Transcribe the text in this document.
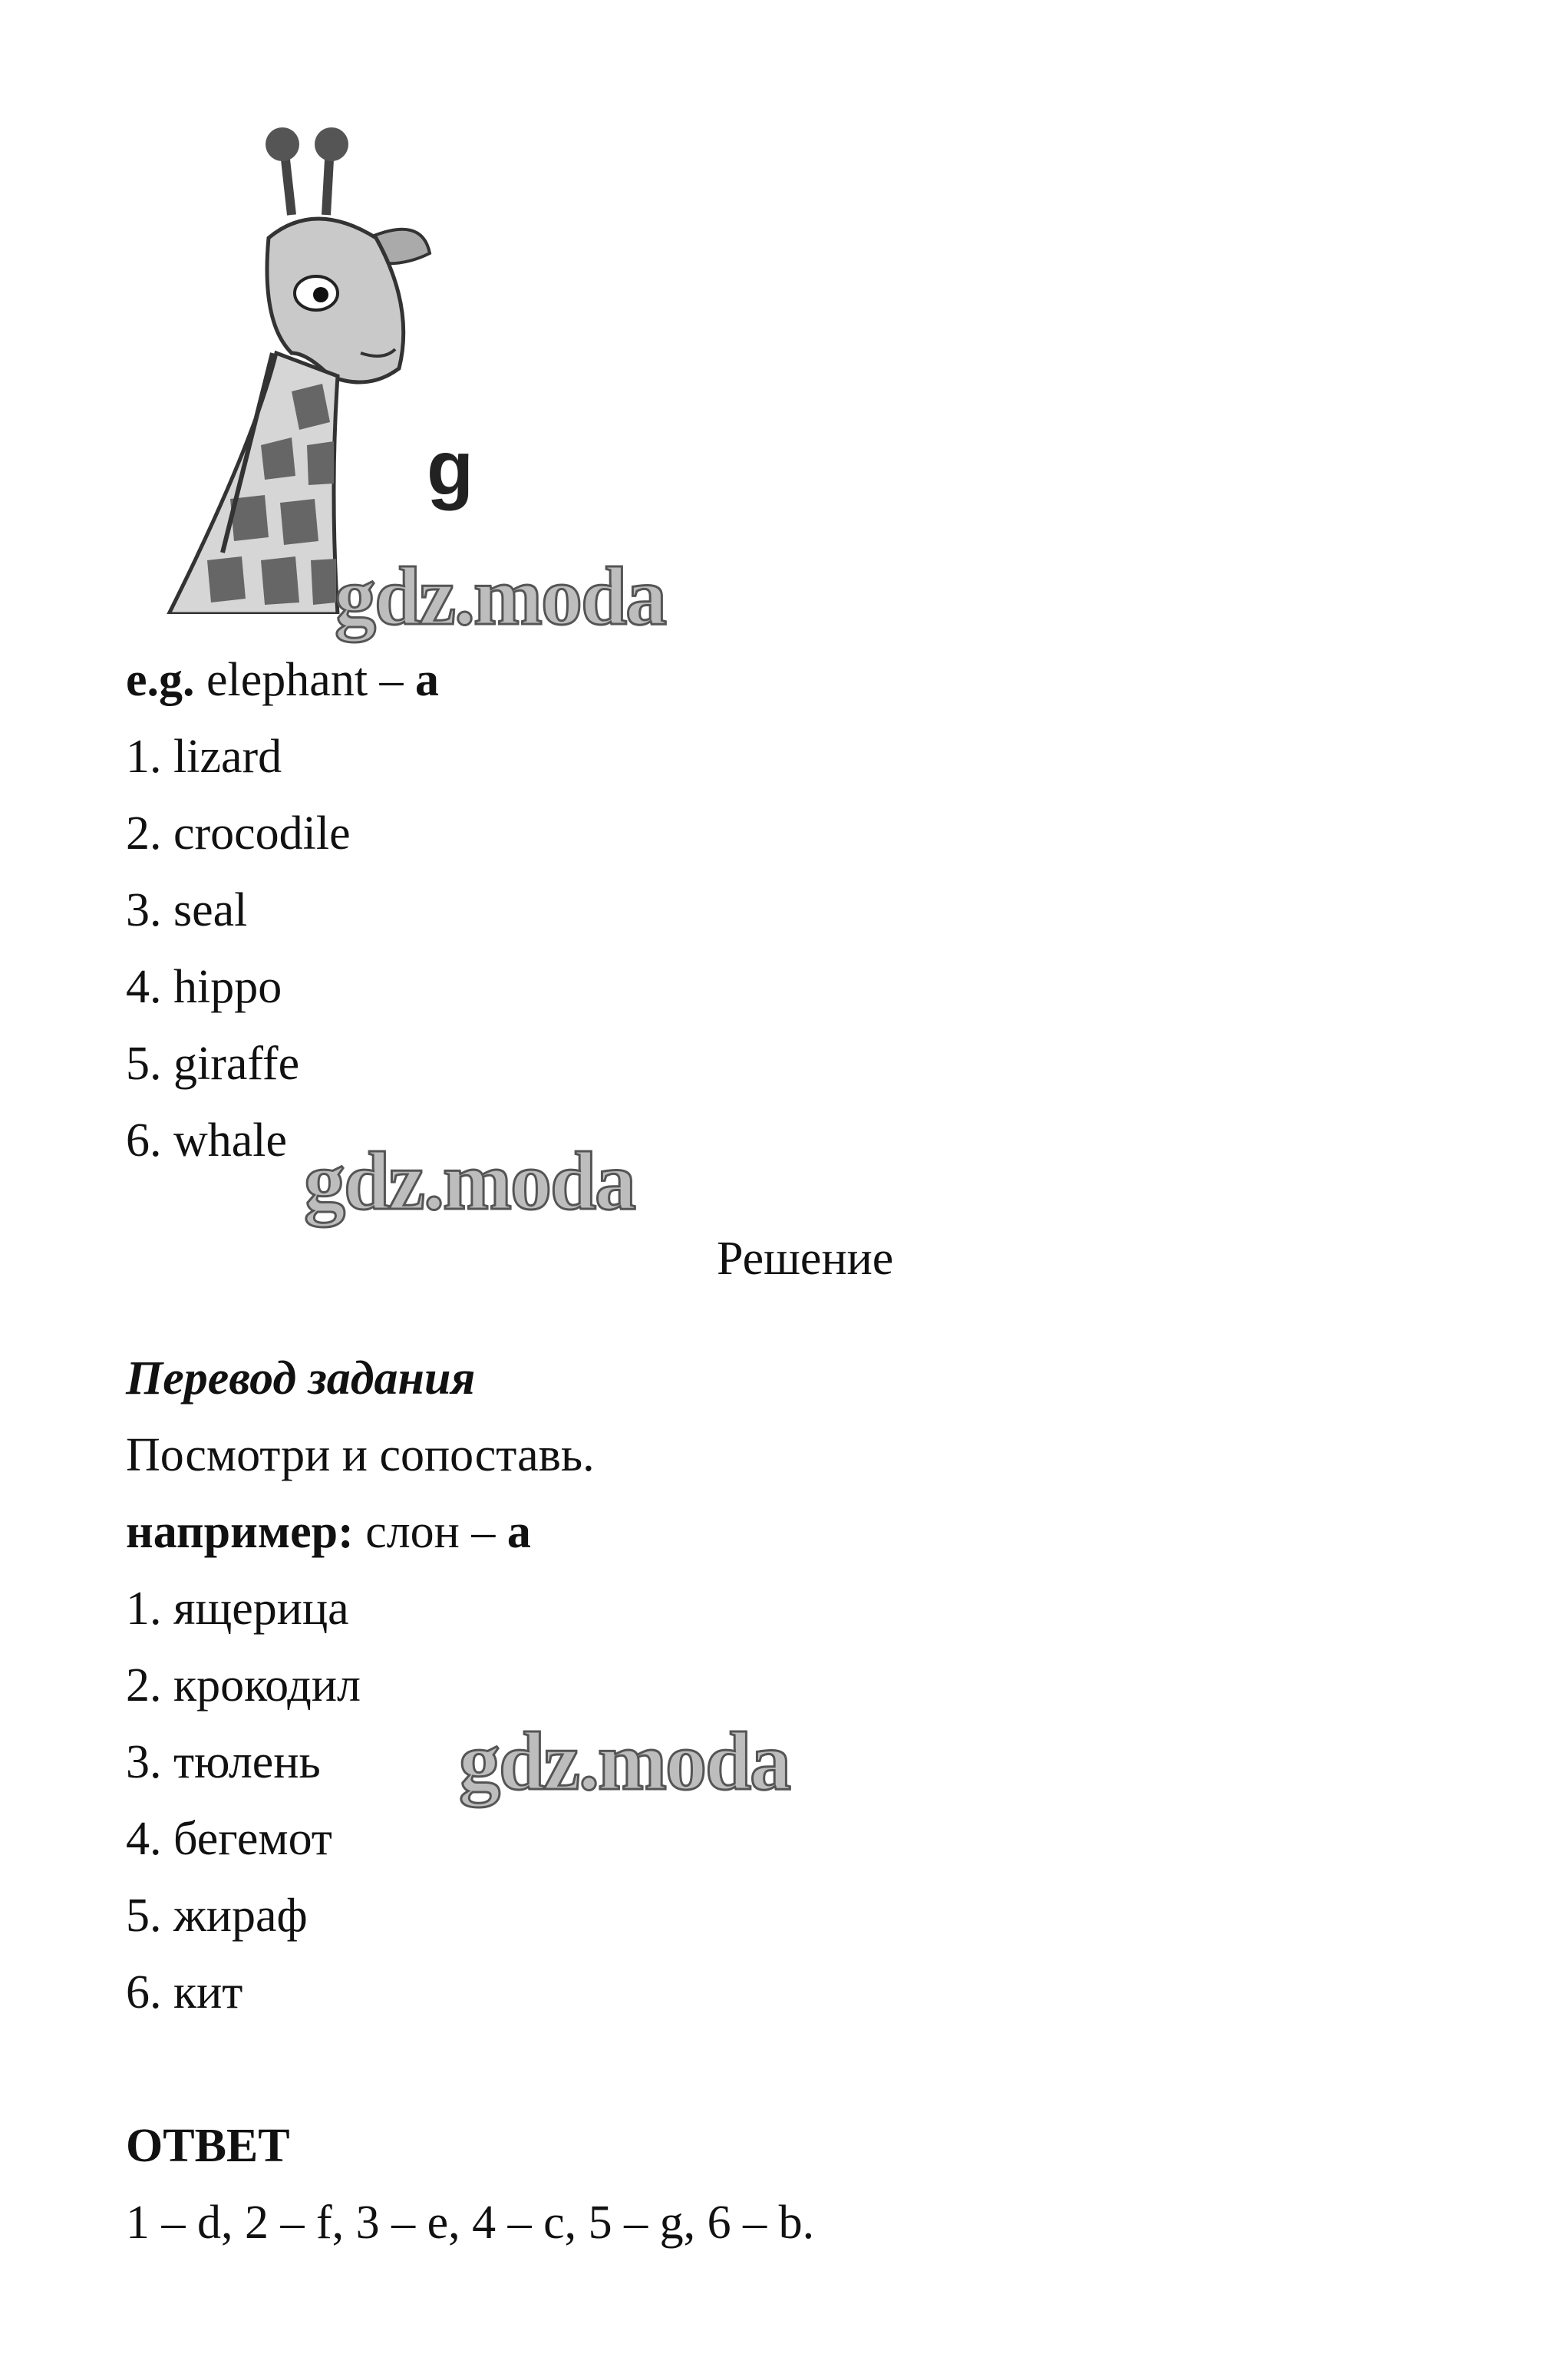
g
gdz.moda
gdz.moda
gdz.moda
e.g. elephant – a
1. lizard
2. crocodile
3. seal
4. hippo
5. giraffe
6. whale
Решение
Перевод задания
Посмотри и сопоставь.
например: слон – а
1. ящерица
2. крокодил
3. тюлень
4. бегемот
5. жираф
6. кит
ОТВЕТ
1 – d, 2 – f, 3 – e, 4 – c, 5 – g, 6 – b.
